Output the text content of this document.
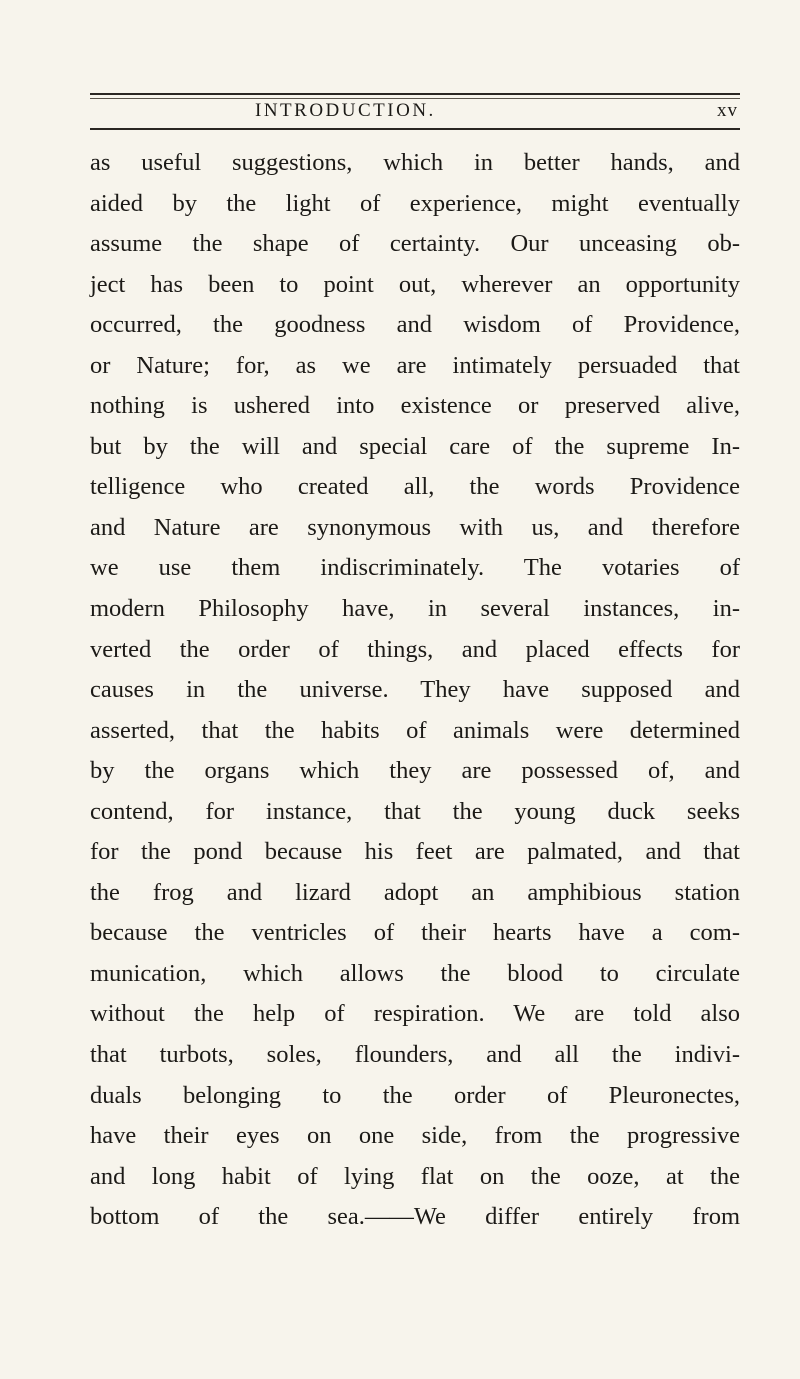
INTRODUCTION.	xv
as useful suggestions, which in better hands, and
aided by the light of experience, might eventually
assume the shape of certainty. Our unceasing ob-
ject has been to point out, wherever an opportunity
occurred, the goodness and wisdom of Providence,
or Nature; for, as we are intimately persuaded that
nothing is ushered into existence or preserved alive,
but by the will and special care of the supreme In-
telligence who created all, the words Providence
and Nature are synonymous with us, and therefore
we use them indiscriminately. The votaries of
modern Philosophy have, in several instances, in-
verted the order of things, and placed effects for
causes in the universe. They have supposed and
asserted, that the habits of animals were determined
by the organs which they are possessed of, and
contend, for instance, that the young duck seeks
for the pond because his feet are palmated, and that
the frog and lizard adopt an amphibious station
because the ventricles of their hearts have a com-
munication, which allows the blood to circulate
without the help of respiration. We are told also
that turbots, soles, flounders, and all the indivi-
duals belonging to the order of Pleuronectes,
have their eyes on one side, from the progressive
and long habit of lying flat on the ooze, at the
bottom of the sea.——We differ entirely from
